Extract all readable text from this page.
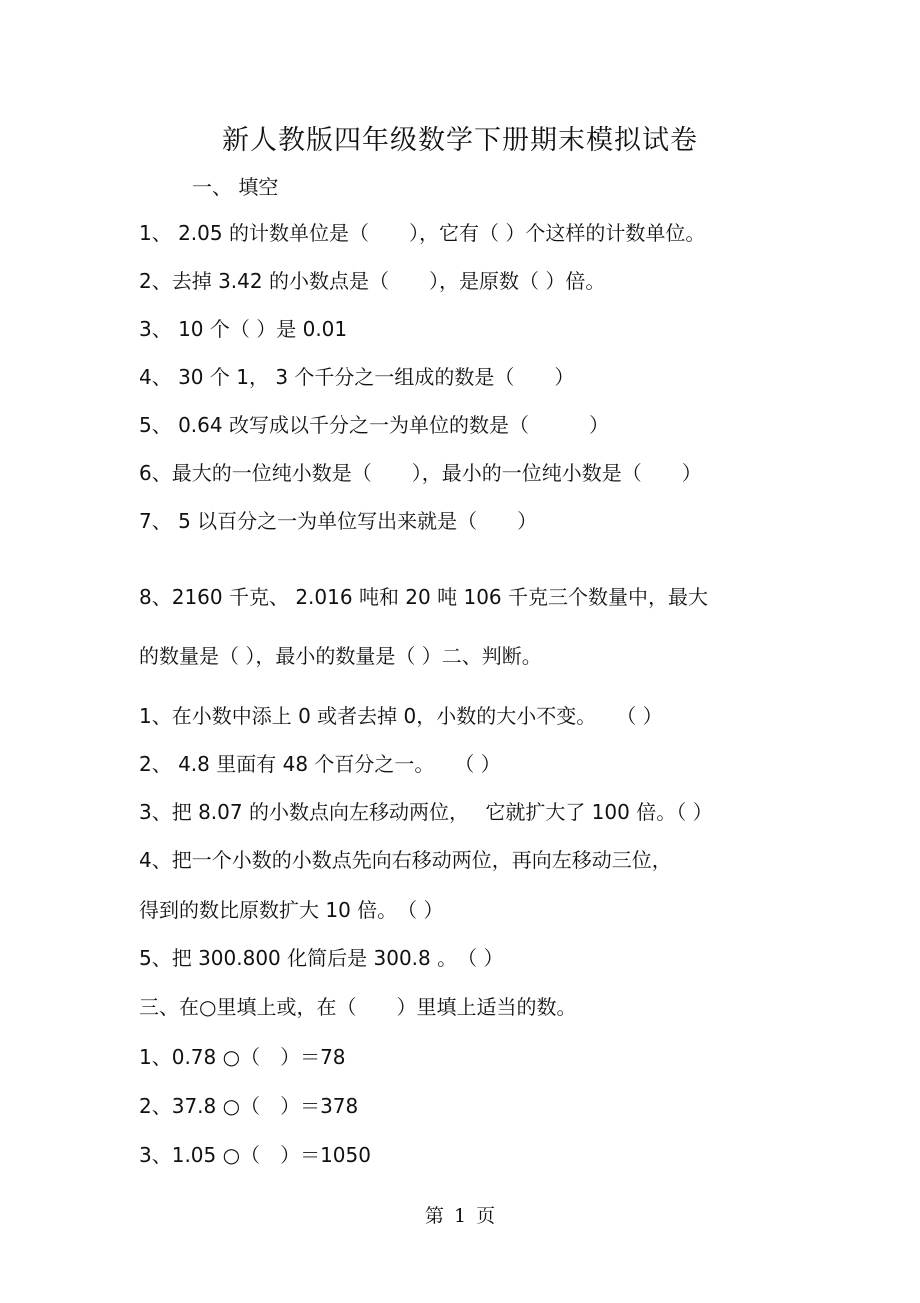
新人教版四年级数学下册期末模拟试卷
一、 填空
1、 2.05 的计数单位是（　　），它有（ ）个这样的计数单位。
2、去掉 3.42 的小数点是（　　），是原数（ ）倍。
3、 10 个（ ）是 0.01
4、 30 个 1， 3 个千分之一组成的数是（　　）
5、 0.64 改写成以千分之一为单位的数是（　　　）
6、最大的一位纯小数是（　　），最小的一位纯小数是（　　）
7、 5 以百分之一为单位写出来就是（　　）
8、2160 千克、 2.016 吨和 20 吨 106 千克三个数量中，最大
的数量是（ ），最小的数量是（ ）二、判断。
1、在小数中添上 0 或者去掉 0，小数的大小不变。　　（ ）
2、 4.8 里面有 48 个百分之一。　　（ ）
3、把 8.07 的小数点向左移动两位，　 它就扩大了 100 倍。（ ）
4、把一个小数的小数点先向右移动两位，再向左移动三位，
得到的数比原数扩大 10 倍。　（ ）
5、把 300.800 化简后是 300.8 。　（ ）
三、在○里填上或，在（　　）里填上适当的数。
1、0.78 ○（　）＝78
2、37.8 ○（　）＝378
3、1.05 ○（　）＝1050
第 1 页
